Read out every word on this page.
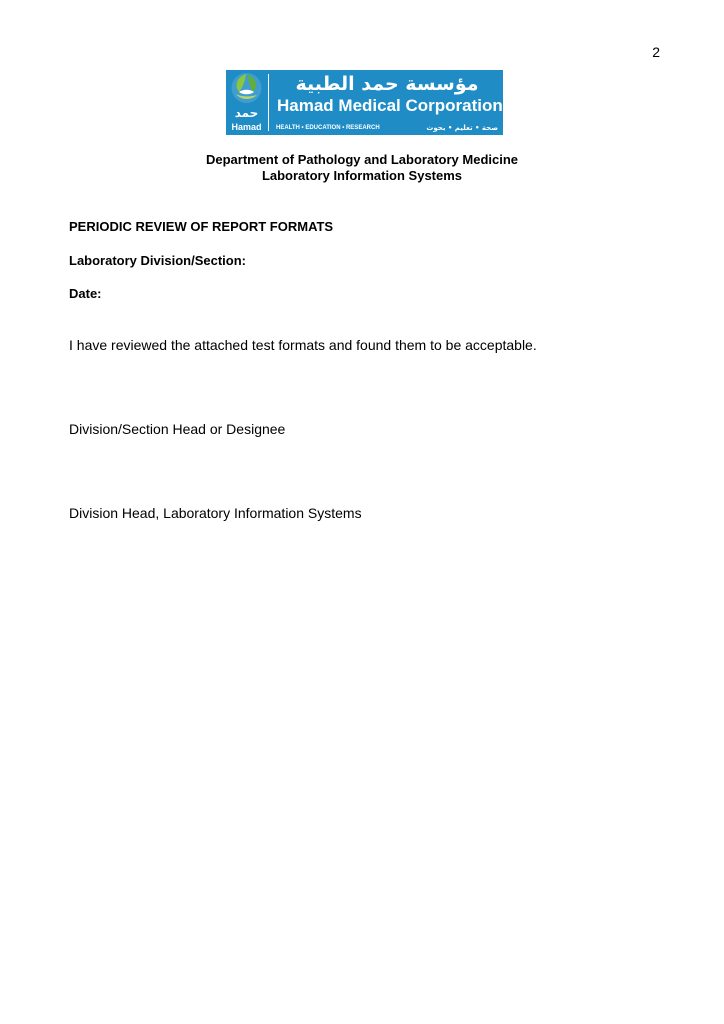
2
حمد
Hamad
مؤسسة حمد الطبية
Hamad Medical Corporation
HEALTH • EDUCATION • RESEARCH	صحة • تعليم • بحوث
Department of Pathology and Laboratory Medicine
Laboratory Information Systems
PERIODIC REVIEW OF REPORT FORMATS
Laboratory Division/Section:
Date:
I have reviewed the attached test formats and found them to be acceptable.
Division/Section Head or Designee
Division Head, Laboratory Information Systems
